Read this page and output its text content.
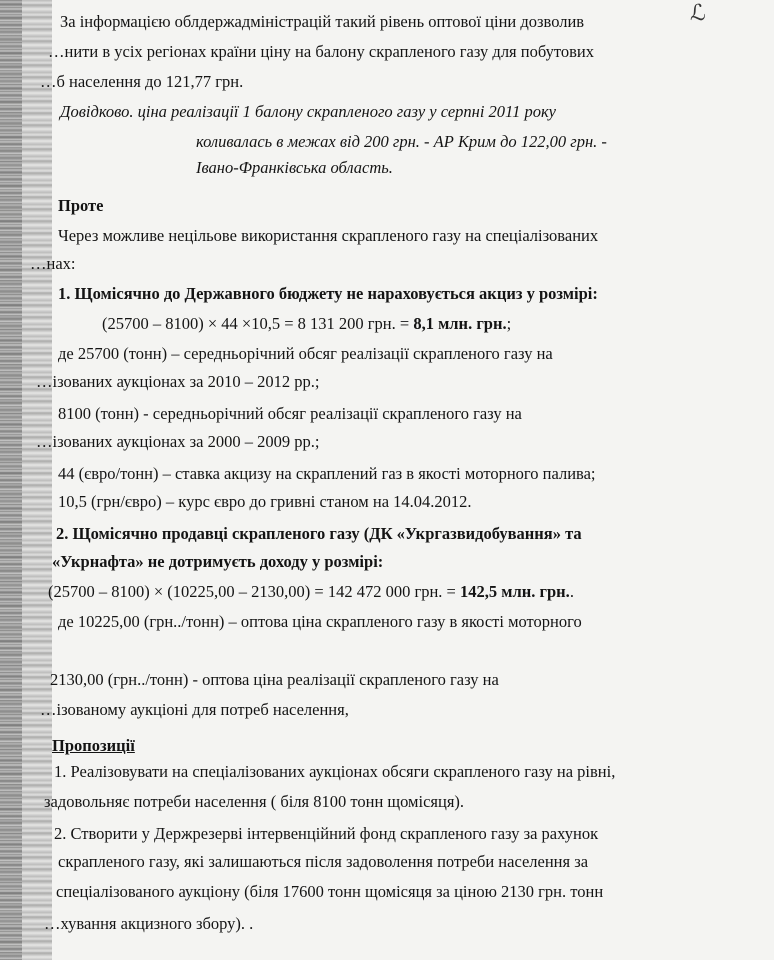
ℒ
За інформацією облдержадміністрацій такий рівень оптової ціни дозволив
…нити в усіх регіонах країни ціну на балону скрапленого газу для побутових
…б населення до 121,77 грн.
Довідково. ціна реалізації 1 балону скрапленого газу у серпні 2011 року
коливалась в межах від 200 грн. - АР Крим до 122,00 грн. -
Івано-Франківська область.
Проте
Через можливе нецільове використання скрапленого газу на спеціалізованих
…нах:
1. Щомісячно до Державного бюджету не нараховується акциз у розмірі:
(25700 – 8100) × 44 ×10,5 = 8 131 200 грн. = 8,1 млн. грн.;
де 25700 (тонн) – середньорічний обсяг реалізації скрапленого газу на
…ізованих аукціонах за 2010 – 2012 рр.;
8100 (тонн) - середньорічний обсяг реалізації скрапленого газу на
…ізованих аукціонах за 2000 – 2009 рр.;
44 (євро/тонн) – ставка акцизу на скраплений газ в якості моторного палива;
10,5 (грн/євро) – курс євро до гривні станом на 14.04.2012.
2. Щомісячно продавці скрапленого газу (ДК «Укргазвидобування» та
«Укрнафта» не дотримуєть доходу у розмірі:
(25700 – 8100) × (10225,00 – 2130,00) = 142 472 000 грн. = 142,5 млн. грн..
де 10225,00 (грн../тонн) – оптова ціна скрапленого газу в якості моторного
2130,00 (грн../тонн) - оптова ціна реалізації скрапленого газу на
…ізованому аукціоні для потреб населення,
Пропозиції
1. Реалізовувати на спеціалізованих аукціонах обсяги скрапленого газу на рівні,
задовольняє потреби населення ( біля 8100 тонн щомісяця).
2. Створити у Держрезерві інтервенційний фонд скрапленого газу за рахунок
скрапленого газу, які залишаються після задоволення потреби населення за
спеціалізованого аукціону (біля 17600 тонн щомісяця за ціною 2130 грн. тонн
…хування акцизного збору). .
